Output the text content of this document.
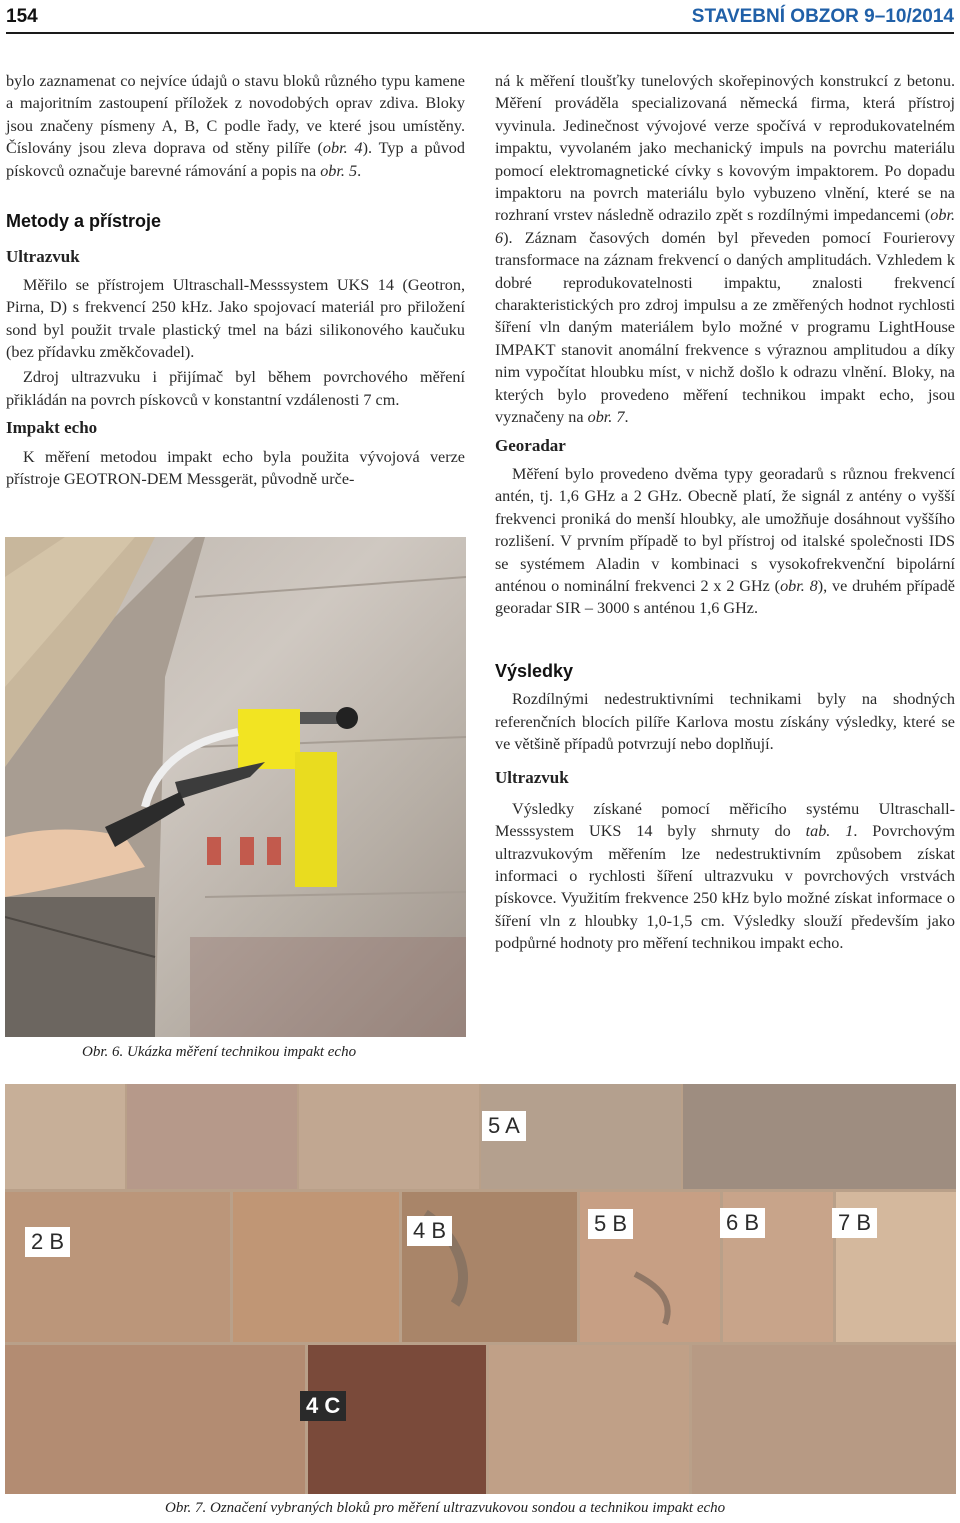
154	STAVEBNÍ OBZOR 9–10/2014

bylo zaznamenat co nejvíce údajů o stavu bloků různého typu kamene a majoritním zastoupení příložek z novodobých oprav zdiva. Bloky jsou značeny písmeny A, B, C podle řady, ve které jsou umístěny. Číslovány jsou zleva doprava od stěny pilíře (obr. 4). Typ a původ pískovců označuje barevné rámování a popis na obr. 5.

Metody a přístroje

Ultrazvuk

Měřilo se přístrojem Ultraschall-Messsystem UKS 14 (Geotron, Pirna, D) s frekvencí 250 kHz. Jako spojovací materiál pro přiložení sond byl použit trvale plastický tmel na bázi silikonového kaučuku (bez přídavku změkčovadel).

Zdroj ultrazvuku i přijímač byl během povrchového měření přikládán na povrch pískovců v konstantní vzdálenosti 7 cm.

Impakt echo

K měření metodou impakt echo byla použita vývojová verze přístroje GEOTRON-DEM Messgerät, původně urče-

ná k měření tloušťky tunelových skořepinových konstrukcí z betonu. Měření prováděla specializovaná německá firma, která přístroj vyvinula. Jedinečnost vývojové verze spočívá v reprodukovatelném impaktu, vyvolaném jako mechanický impuls na povrchu materiálu pomocí elektromagnetické cívky s kovovým impaktorem. Po dopadu impaktoru na povrch materiálu bylo vybuzeno vlnění, které se na rozhraní vrstev následně odrazilo zpět s rozdílnými impedancemi (obr. 6). Záznam časových domén byl převeden pomocí Fourierovy transformace na záznam frekvencí o daných amplitudách. Vzhledem k dobré reprodukovatelnosti impaktu, znalosti frekvencí charakteristických pro zdroj impulsu a ze změřených hodnot rychlosti šíření vln daným materiálem bylo možné v programu LightHouse IMPAKT stanovit anomální frekvence s výraznou amplitudou a díky nim vypočítat hloubku míst, v nichž došlo k odrazu vlnění. Bloky, na kterých bylo provedeno měření technikou impakt echo, jsou vyznačeny na obr. 7.

Georadar

Měření bylo provedeno dvěma typy georadarů s různou frekvencí antén, tj. 1,6 GHz a 2 GHz. Obecně platí, že signál z antény o vyšší frekvenci proniká do menší hloubky, ale umožňuje dosáhnout vyššího rozlišení. V prvním případě to byl přístroj od italské společnosti IDS se systémem Aladin v kombinaci s vysokofrekvenční bipolární anténou o nominální frekvenci 2 x 2 GHz (obr. 8), ve druhém případě georadar SIR – 3000 s anténou 1,6 GHz.

Výsledky

Rozdílnými nedestruktivními technikami byly na shodných referenčních blocích pilíře Karlova mostu získány výsledky, které se ve většině případů potvrzují nebo doplňují.

Ultrazvuk

Výsledky získané pomocí měřicího systému Ultraschall-Messsystem UKS 14 byly shrnuty do tab. 1. Povrchovým ultrazvukovým měřením lze nedestruktivním způsobem získat informaci o rychlosti šíření ultrazvuku v povrchových vrstvách pískovce. Využitím frekvence 250 kHz bylo možné získat informace o šíření vln z hloubky 1,0-1,5 cm. Výsledky slouží především jako podpůrné hodnoty pro měření technikou impakt echo.

Obr. 6. Ukázka měření technikou impakt echo
5 A
2 B	4 B	5 B	6 B	7 B
4 C
Obr. 7. Označení vybraných bloků pro měření ultrazvukovou sondou a technikou impakt echo
